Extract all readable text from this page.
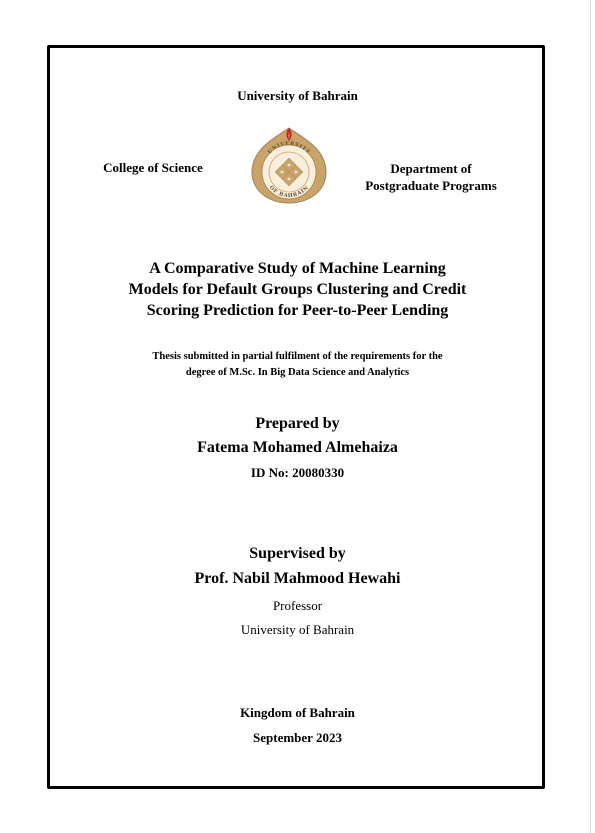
University of Bahrain
College of Science	Department of
Postgraduate Programs
UNIVERSITY
OF BAHRAIN
A Comparative Study of Machine Learning
Models for Default Groups Clustering and Credit
Scoring Prediction for Peer-to-Peer Lending
Thesis submitted in partial fulfilment of the requirements for the
degree of M.Sc. In Big Data Science and Analytics
Prepared by
Fatema Mohamed Almehaiza
ID No: 20080330
Supervised by
Prof. Nabil Mahmood Hewahi
Professor
University of Bahrain
Kingdom of Bahrain
September 2023
